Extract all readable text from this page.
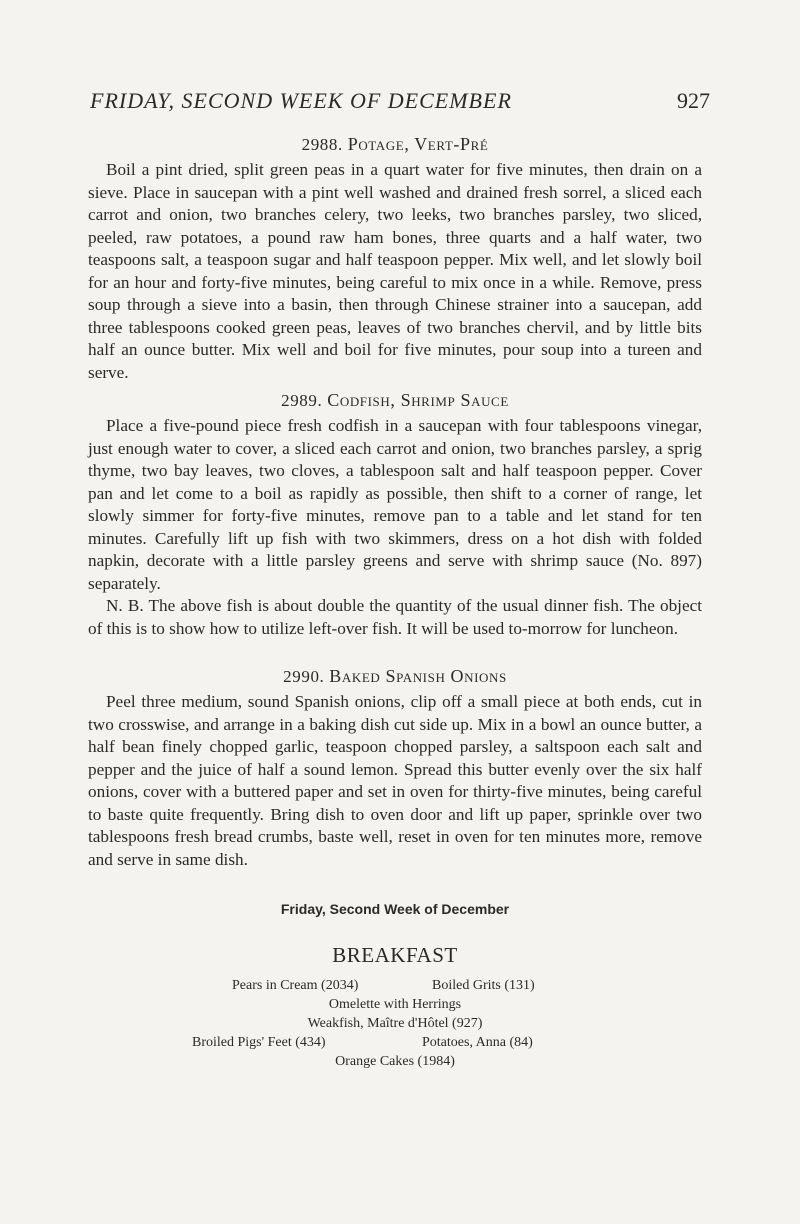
FRIDAY, SECOND WEEK OF DECEMBER	927
2988. Potage, Vert-Pré

Boil a pint dried, split green peas in a quart water for five minutes, then drain on a sieve. Place in saucepan with a pint well washed and drained fresh sorrel, a sliced each carrot and onion, two branches celery, two leeks, two branches parsley, two sliced, peeled, raw potatoes, a pound raw ham bones, three quarts and a half water, two teaspoons salt, a teaspoon sugar and half teaspoon pepper. Mix well, and let slowly boil for an hour and forty-five minutes, being careful to mix once in a while. Remove, press soup through a sieve into a basin, then through Chinese strainer into a saucepan, add three tablespoons cooked green peas, leaves of two branches chervil, and by little bits half an ounce butter. Mix well and boil for five minutes, pour soup into a tureen and serve.

2989. Codfish, Shrimp Sauce

Place a five-pound piece fresh codfish in a saucepan with four tablespoons vinegar, just enough water to cover, a sliced each carrot and onion, two branches parsley, a sprig thyme, two bay leaves, two cloves, a tablespoon salt and half teaspoon pepper. Cover pan and let come to a boil as rapidly as possible, then shift to a corner of range, let slowly simmer for forty-five minutes, remove pan to a table and let stand for ten minutes. Carefully lift up fish with two skimmers, dress on a hot dish with folded napkin, decorate with a little parsley greens and serve with shrimp sauce (No. 897) separately.

N. B. The above fish is about double the quantity of the usual dinner fish. The object of this is to show how to utilize left-over fish. It will be used to-morrow for luncheon.

2990. Baked Spanish Onions

Peel three medium, sound Spanish onions, clip off a small piece at both ends, cut in two crosswise, and arrange in a baking dish cut side up. Mix in a bowl an ounce butter, a half bean finely chopped garlic, teaspoon chopped parsley, a saltspoon each salt and pepper and the juice of half a sound lemon. Spread this butter evenly over the six half onions, cover with a buttered paper and set in oven for thirty-five minutes, being careful to baste quite frequently. Bring dish to oven door and lift up paper, sprinkle over two tablespoons fresh bread crumbs, baste well, reset in oven for ten minutes more, remove and serve in same dish.

Friday, Second Week of December
BREAKFAST
Pears in Cream (2034)	Boiled Grits (131)
Omelette with Herrings
Weakfish, Maître d'Hôtel (927)
Broiled Pigs' Feet (434)	Potatoes, Anna (84)
Orange Cakes (1984)
